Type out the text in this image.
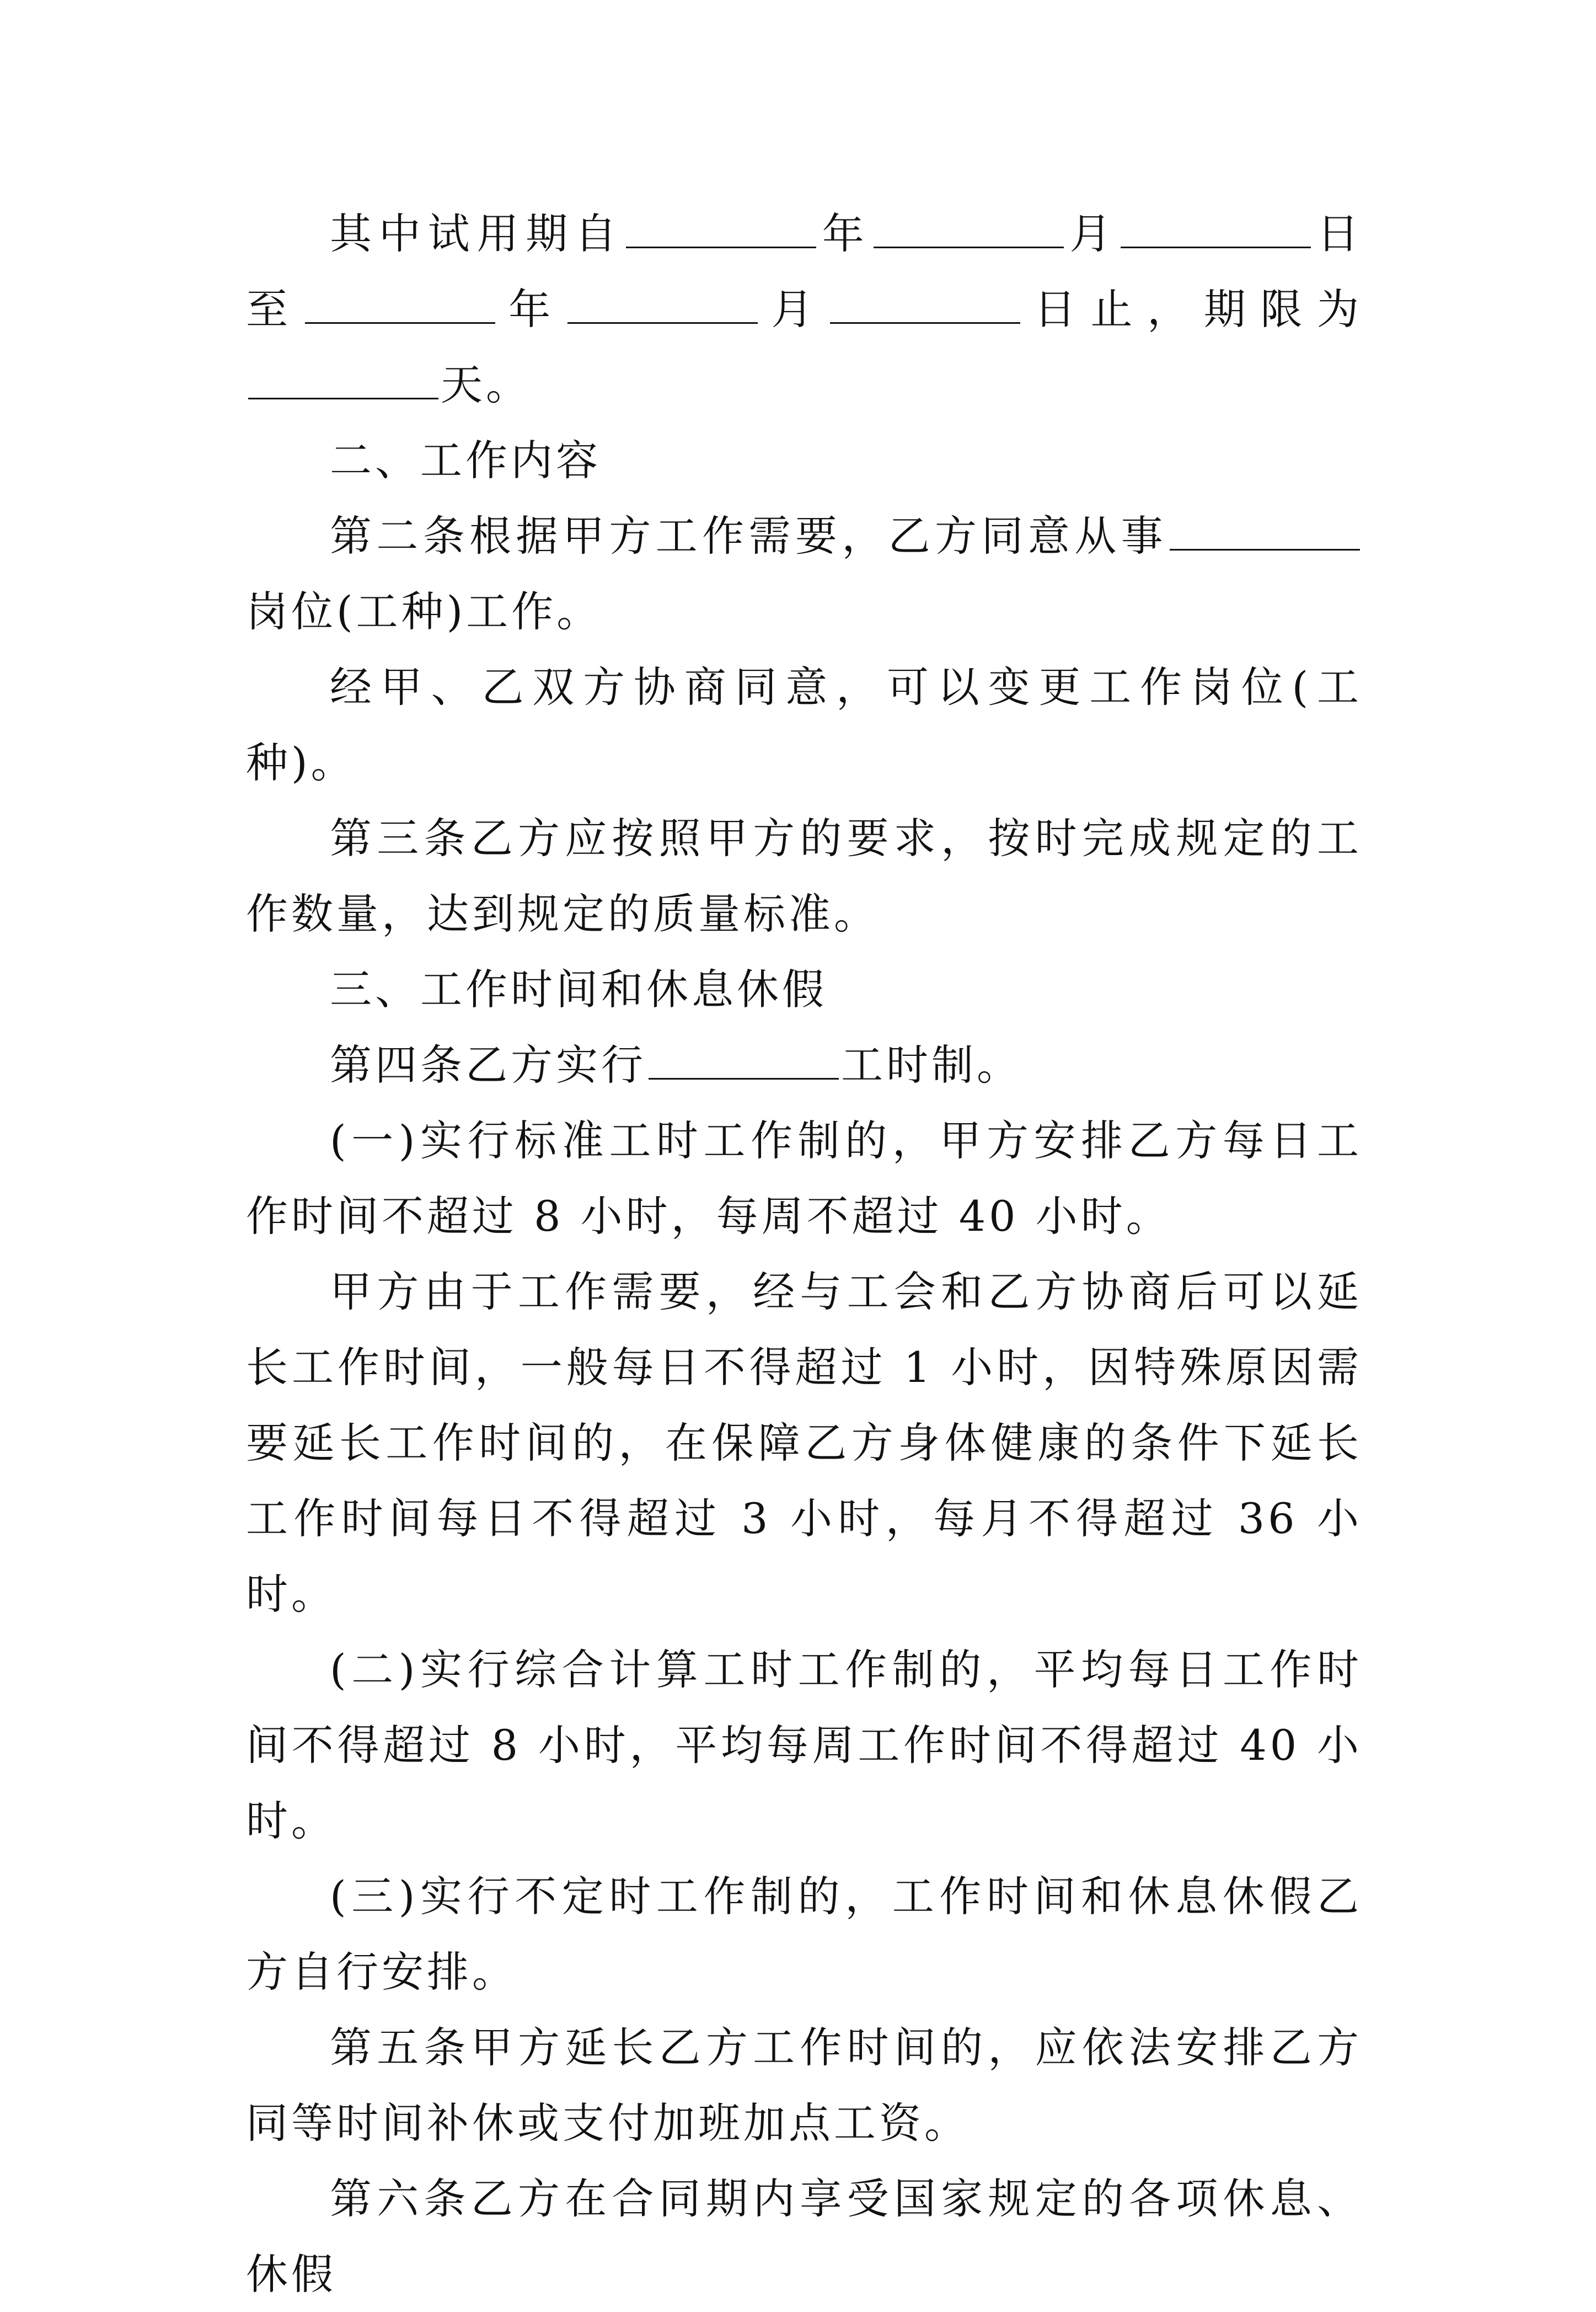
其中试用期自	年	月	日至	年	月	日止，期限为天。

二、工作内容

第二条根据甲方工作需要，乙方同意从事岗位(工种)工作。

经甲、乙双方协商同意，可以变更工作岗位(工种)。

第三条乙方应按照甲方的要求，按时完成规定的工作数量，达到规定的质量标准。

三、工作时间和休息休假

第四条乙方实行	工时制。

(一)实行标准工时工作制的，甲方安排乙方每日工作时间不超过 8 小时，每周不超过 40 小时。

甲方由于工作需要，经与工会和乙方协商后可以延长工作时间，一般每日不得超过 1 小时，因特殊原因需要延长工作时间的，在保障乙方身体健康的条件下延长工作时间每日不得超过 3 小时，每月不得超过 36 小时。

(二)实行综合计算工时工作制的，平均每日工作时间不得超过 8 小时，平均每周工作时间不得超过 40 小时。

(三)实行不定时工作制的，工作时间和休息休假乙方自行安排。

第五条甲方延长乙方工作时间的，应依法安排乙方同等时间补休或支付加班加点工资。

第六条乙方在合同期内享受国家规定的各项休息、休假
